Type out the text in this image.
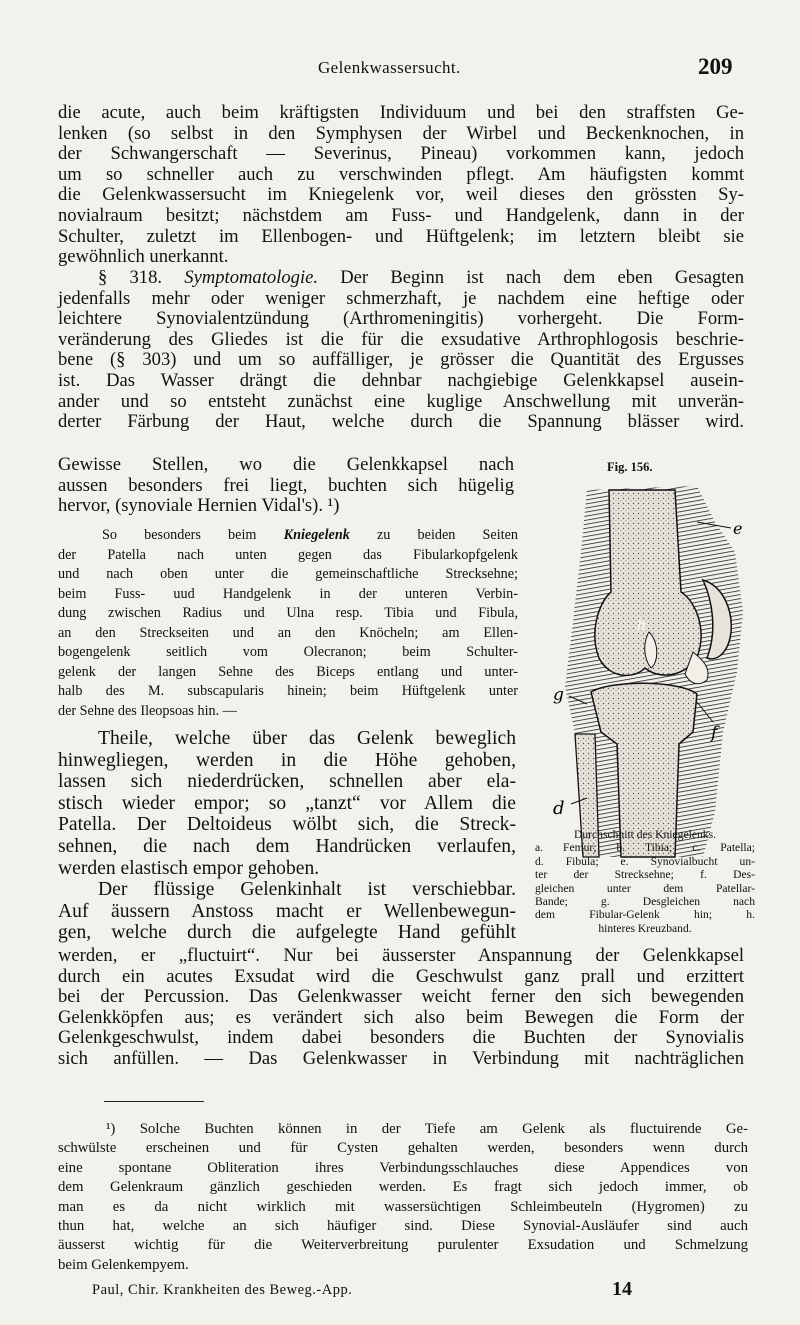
Gelenkwassersucht.	209

die acute, auch beim kräftigsten Individuum und bei den straffsten Ge-
lenken (so selbst in den Symphysen der Wirbel und Beckenknochen, in
der Schwangerschaft — Severinus, Pineau) vorkommen kann, jedoch
um so schneller auch zu verschwinden pflegt. Am häufigsten kommt
die Gelenkwassersucht im Kniegelenk vor, weil dieses den grössten Sy-
novialraum besitzt; nächstdem am Fuss- und Handgelenk, dann in der
Schulter, zuletzt im Ellenbogen- und Hüftgelenk; im letztern bleibt sie
gewöhnlich unerkannt.

§ 318. Symptomatologie. Der Beginn ist nach dem eben Gesagten
jedenfalls mehr oder weniger schmerzhaft, je nachdem eine heftige oder
leichtere Synovialentzündung (Arthromeningitis) vorhergeht. Die Form-
veränderung des Gliedes ist die für die exsudative Arthrophlogosis beschrie-
bene (§ 303) und um so auffälliger, je grösser die Quantität des Ergusses
ist. Das Wasser drängt die dehnbar nachgiebige Gelenkkapsel ausein-
ander und so entsteht zunächst eine kuglige Anschwellung mit unverän-
derter Färbung der Haut, welche durch die Spannung blässer wird.

Gewisse Stellen, wo die Gelenkkapsel nach
aussen besonders frei liegt, buchten sich hügelig
hervor, (synoviale Hernien Vidal's). ¹)

So besonders beim Kniegelenk zu beiden Seiten
der Patella nach unten gegen das Fibularkopfgelenk
und nach oben unter die gemeinschaftliche Strecksehne;
beim Fuss- uud Handgelenk in der unteren Verbin-
dung zwischen Radius und Ulna resp. Tibia und Fibula,
an den Streckseiten und an den Knöcheln; am Ellen-
bogengelenk seitlich vom Olecranon; beim Schulter-
gelenk der langen Sehne des Biceps entlang und unter-
halb des M. subscapularis hinein; beim Hüftgelenk unter
der Sehne des Ileopsoas hin. —

Theile, welche über das Gelenk beweglich
hinwegliegen, werden in die Höhe gehoben,
lassen sich niederdrücken, schnellen aber ela-
stisch wieder empor; so „tanzt“ vor Allem die
Patella. Der Deltoideus wölbt sich, die Streck-
sehnen, die nach dem Handrücken verlaufen,
werden elastisch empor gehoben.
Der flüssige Gelenkinhalt ist verschiebbar.
Auf äussern Anstoss macht er Wellenbewegun-
gen, welche durch die aufgelegte Hand gefühlt

werden, er „fluctuirt“. Nur bei äusserster Anspannung der Gelenkkapsel
durch ein acutes Exsudat wird die Geschwulst ganz prall und erzittert
bei der Percussion. Das Gelenkwasser weicht ferner den sich bewegenden
Gelenkköpfen aus; es verändert sich also beim Bewegen die Form der
Gelenkgeschwulst, indem dabei besonders die Buchten der Synovialis
sich anfüllen. — Das Gelenkwasser in Verbindung mit nachträglichen

Fig. 156.
e
h
g
f
d
Durchschnitt des Kniegelenks.
a. Femur; b. Tibia; c. Patella;
d. Fibula; e. Synovialbucht un-
ter der Strecksehne; f. Des-
gleichen unter dem Patellar-
Bande; g. Desgleichen nach
dem Fibular-Gelenk hin; h.
hinteres Kreuzband.
¹) Solche Buchten können in der Tiefe am Gelenk als fluctuirende Ge-
schwülste erscheinen und für Cysten gehalten werden, besonders wenn durch
eine spontane Obliteration ihres Verbindungsschlauches diese Appendices von
dem Gelenkraum gänzlich geschieden werden. Es fragt sich jedoch immer, ob
man es da nicht wirklich mit wassersüchtigen Schleimbeuteln (Hygromen) zu
thun hat, welche an sich häufiger sind. Diese Synovial-Ausläufer sind auch
äusserst wichtig für die Weiterverbreitung purulenter Exsudation und Schmelzung
beim Gelenkempyem.
Paul, Chir. Krankheiten des Beweg.-App.	14
